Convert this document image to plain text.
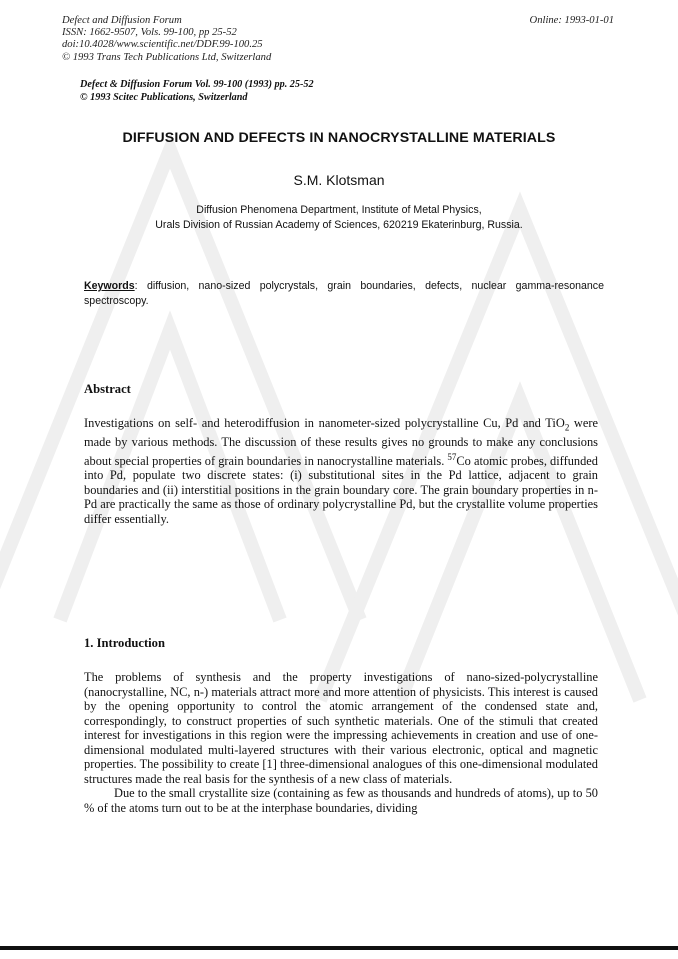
Defect and Diffusion Forum
ISSN: 1662-9507, Vols. 99-100, pp 25-52
doi:10.4028/www.scientific.net/DDF.99-100.25
© 1993 Trans Tech Publications Ltd, Switzerland
Online: 1993-01-01
Defect & Diffusion Forum Vol. 99-100 (1993) pp. 25-52
© 1993 Scitec Publications, Switzerland
DIFFUSION AND DEFECTS IN NANOCRYSTALLINE MATERIALS
S.M. Klotsman
Diffusion Phenomena Department, Institute of Metal Physics,
Urals Division of Russian Academy of Sciences, 620219 Ekaterinburg, Russia.
Keywords: diffusion, nano-sized polycrystals, grain boundaries, defects, nuclear gamma-resonance spectroscopy.
Abstract

Investigations on self- and heterodiffusion in nanometer-sized polycrystalline Cu, Pd and TiO$_2$ were made by various methods. The discussion of these results gives no grounds to make any conclusions about special properties of grain boundaries in nanocrystalline materials. $^{57}$Co atomic probes, diffunded into Pd, populate two discrete states: (i) substitutional sites in the Pd lattice, adjacent to grain boundaries and (ii) interstitial positions in the grain boundary core. The grain boundary properties in n-Pd are practically the same as those of ordinary polycrystalline Pd, but the crystallite volume properties differ essentially.

1. Introduction

The problems of synthesis and the property investigations of nano-sized-polycrystalline (nanocrystalline, NC, n-) materials attract more and more attention of physicists. This interest is caused by the opening opportunity to control the atomic arrangement of the condensed state and, correspondingly, to construct properties of such synthetic materials. One of the stimuli that created interest for investigations in this region were the impressing achievements in creation and use of one-dimensional modulated multi-layered structures with their various electronic, optical and magnetic properties. The possibility to create [1] three-dimensional analogues of this one-dimensional modulated structures made the real basis for the synthesis of a new class of materials.

Due to the small crystallite size (containing as few as thousands and hundreds of atoms), up to 50 % of the atoms turn out to be at the interphase boundaries, dividing
